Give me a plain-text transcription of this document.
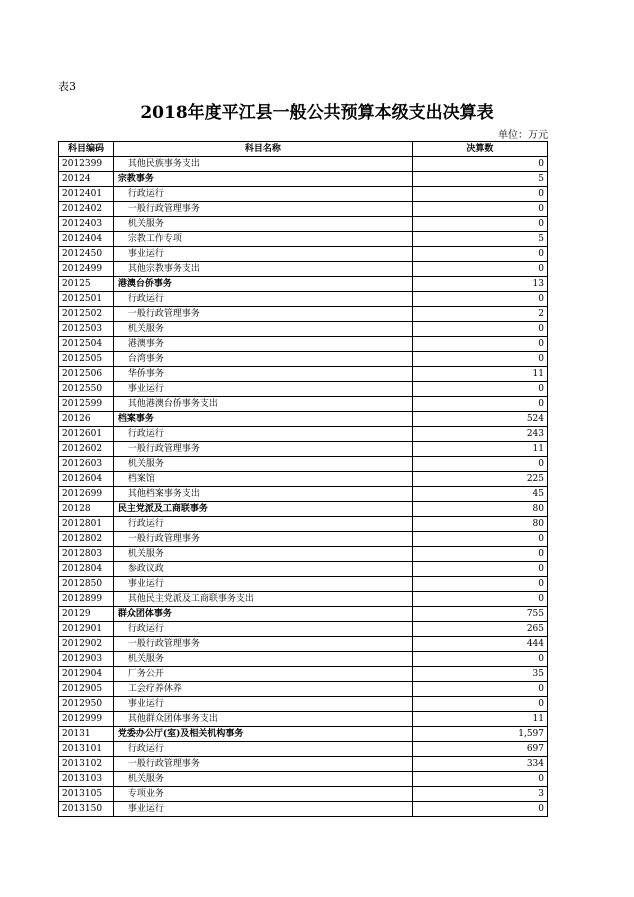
表3
2018年度平江县一般公共预算本级支出决算表
单位：万元
科目编码	科目名称	决算数
2012399	其他民族事务支出	0
20124	宗教事务	5
2012401	行政运行	0
2012402	一般行政管理事务	0
2012403	机关服务	0
2012404	宗教工作专项	5
2012450	事业运行	0
2012499	其他宗教事务支出	0
20125	港澳台侨事务	13
2012501	行政运行	0
2012502	一般行政管理事务	2
2012503	机关服务	0
2012504	港澳事务	0
2012505	台湾事务	0
2012506	华侨事务	11
2012550	事业运行	0
2012599	其他港澳台侨事务支出	0
20126	档案事务	524
2012601	行政运行	243
2012602	一般行政管理事务	11
2012603	机关服务	0
2012604	档案馆	225
2012699	其他档案事务支出	45
20128	民主党派及工商联事务	80
2012801	行政运行	80
2012802	一般行政管理事务	0
2012803	机关服务	0
2012804	参政议政	0
2012850	事业运行	0
2012899	其他民主党派及工商联事务支出	0
20129	群众团体事务	755
2012901	行政运行	265
2012902	一般行政管理事务	444
2012903	机关服务	0
2012904	厂务公开	35
2012905	工会疗养休养	0
2012950	事业运行	0
2012999	其他群众团体事务支出	11
20131	党委办公厅(室)及相关机构事务	1,597
2013101	行政运行	697
2013102	一般行政管理事务	334
2013103	机关服务	0
2013105	专项业务	3
2013150	事业运行	0
